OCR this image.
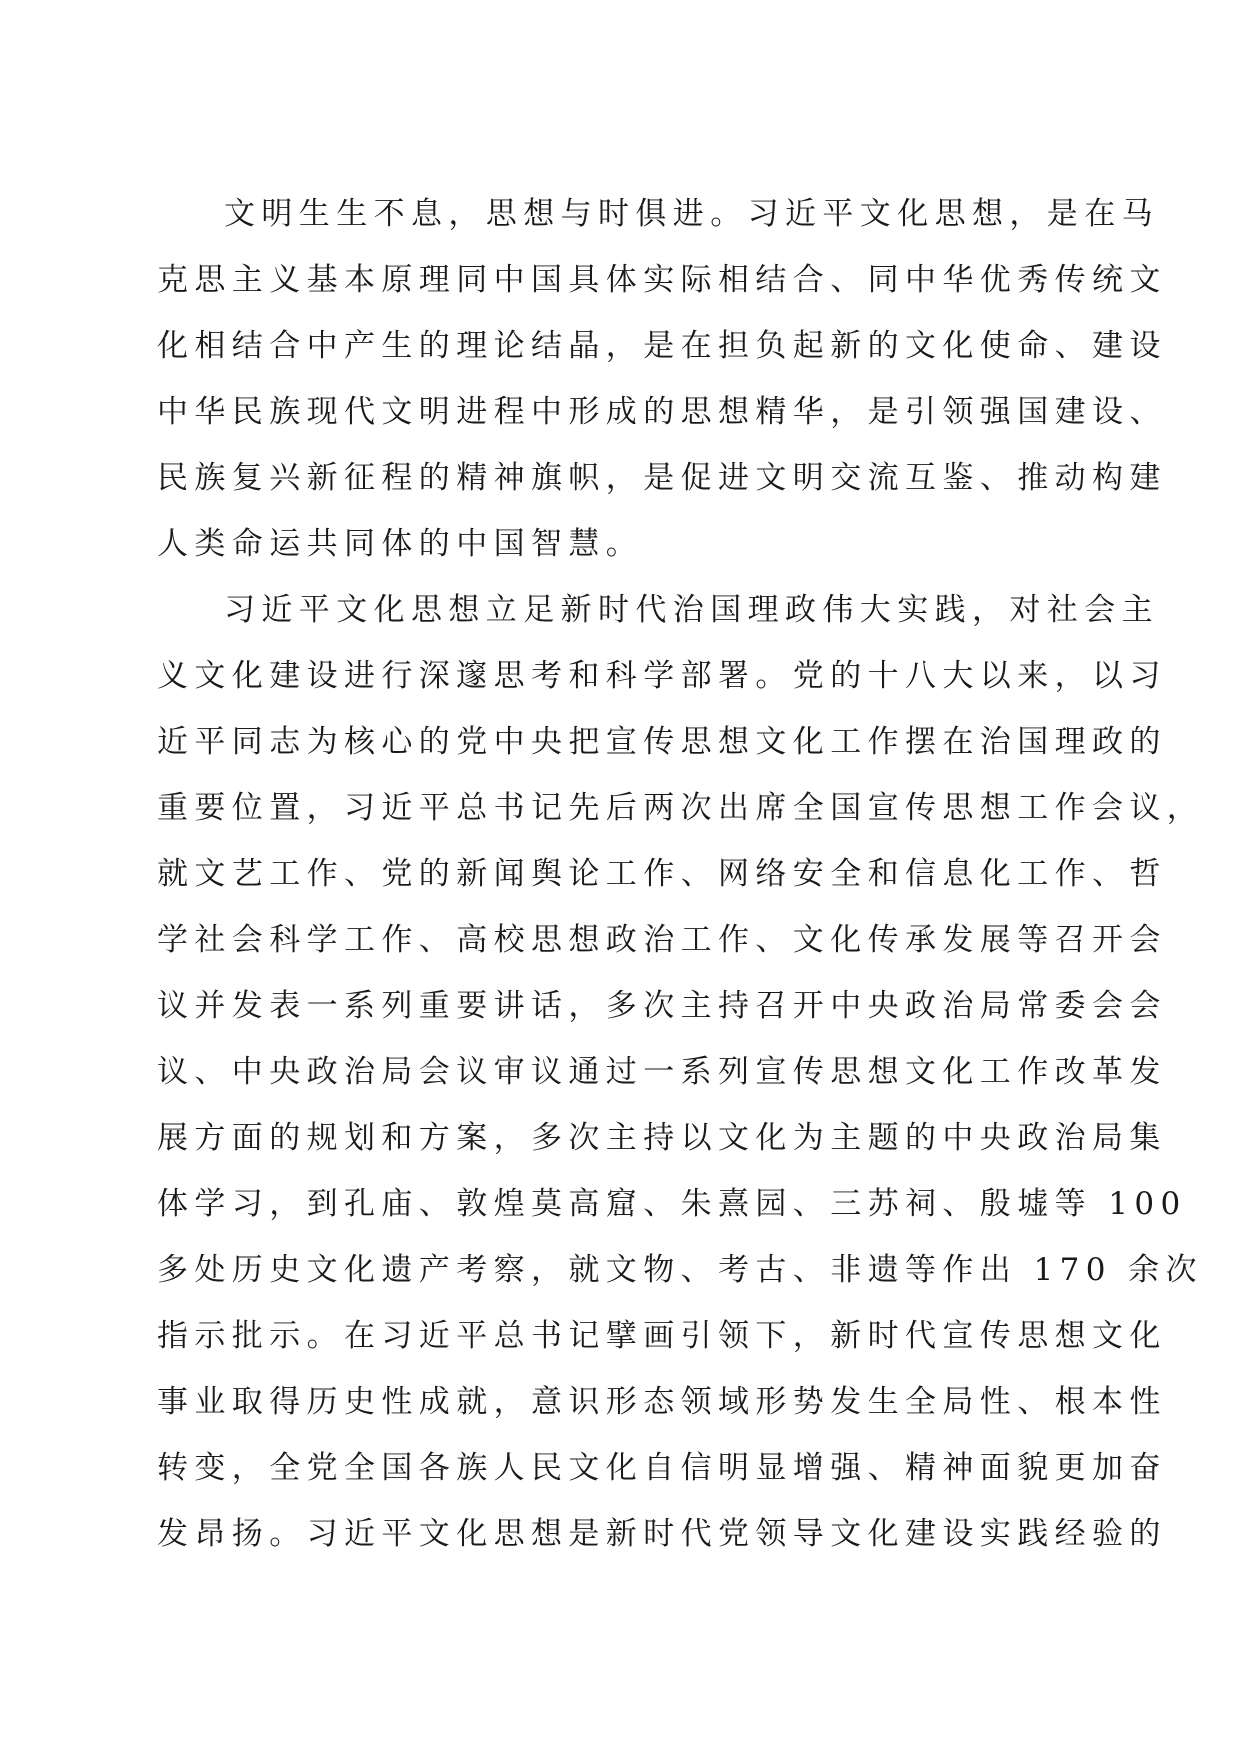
文明生生不息，思想与时俱进。习近平文化思想，是在马
克思主义基本原理同中国具体实际相结合、同中华优秀传统文
化相结合中产生的理论结晶，是在担负起新的文化使命、建设
中华民族现代文明进程中形成的思想精华，是引领强国建设、
民族复兴新征程的精神旗帜，是促进文明交流互鉴、推动构建
人类命运共同体的中国智慧。
习近平文化思想立足新时代治国理政伟大实践，对社会主
义文化建设进行深邃思考和科学部署。党的十八大以来，以习
近平同志为核心的党中央把宣传思想文化工作摆在治国理政的
重要位置，习近平总书记先后两次出席全国宣传思想工作会议，
就文艺工作、党的新闻舆论工作、网络安全和信息化工作、哲
学社会科学工作、高校思想政治工作、文化传承发展等召开会
议并发表一系列重要讲话，多次主持召开中央政治局常委会会
议、中央政治局会议审议通过一系列宣传思想文化工作改革发
展方面的规划和方案，多次主持以文化为主题的中央政治局集
体学习，到孔庙、敦煌莫高窟、朱熹园、三苏祠、殷墟等 100
多处历史文化遗产考察，就文物、考古、非遗等作出 170 余次
指示批示。在习近平总书记擘画引领下，新时代宣传思想文化
事业取得历史性成就，意识形态领域形势发生全局性、根本性
转变，全党全国各族人民文化自信明显增强、精神面貌更加奋
发昂扬。习近平文化思想是新时代党领导文化建设实践经验的
